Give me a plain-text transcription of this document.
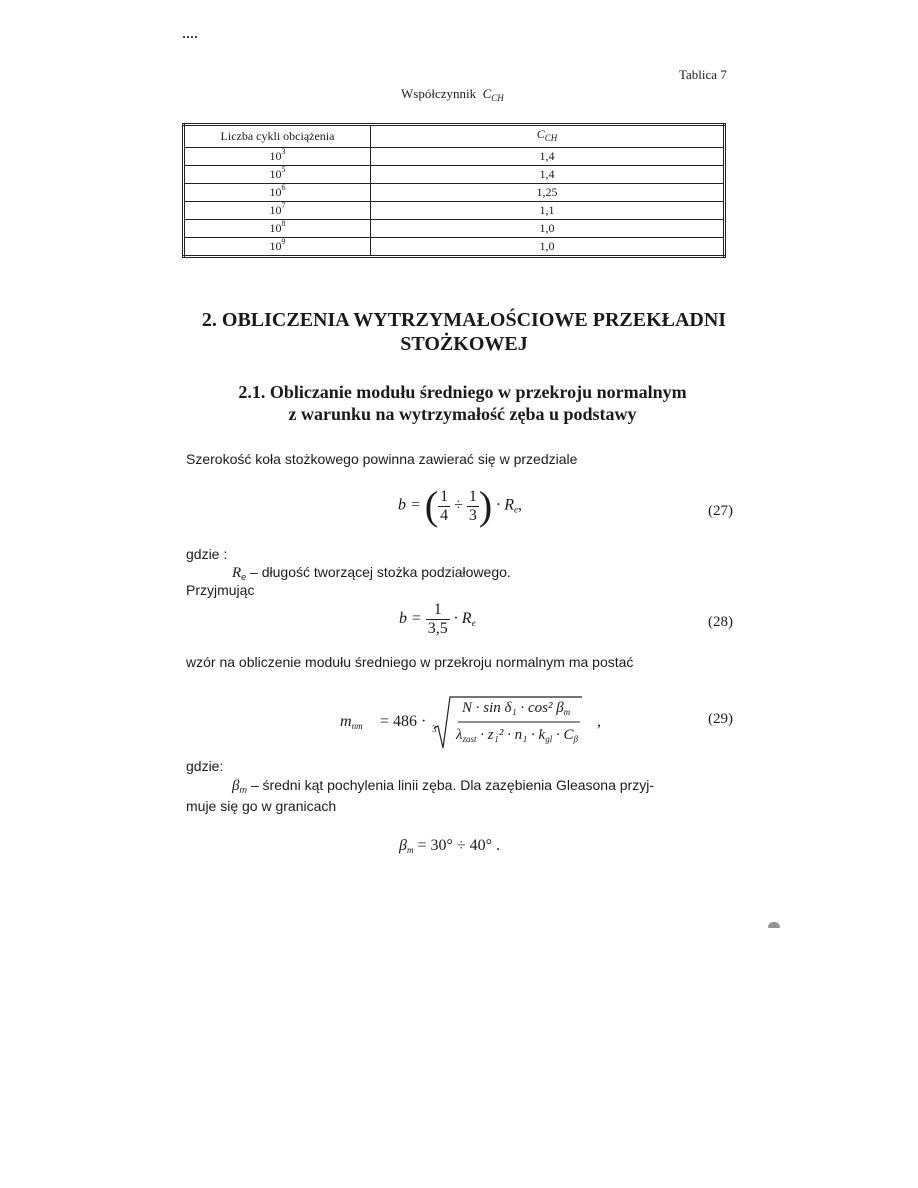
Tablica 7
Współczynnik $C_{CH}$
Liczba cykli obciążenia	$C_{CH}$
$10^3$	1,4
$10^5$	1,4
$10^6$	1,25
$10^7$	1,1
$10^8$	1,0
$10^9$	1,0
2. OBLICZENIA WYTRZYMAŁOŚCIOWE PRZEKŁADNI
STOŻKOWEJ
2.1. Obliczanie modułu średniego w przekroju normalnym
z warunku na wytrzymałość zęba u podstawy
Szerokość koła stożkowego powinna zawierać się w przedziale
b = ( $\frac{1}{4} \div \frac{1}{3}$ ) · $R_e$,	(27)
gdzie :
$R_e$ – długość tworzącej stożka podziałowego.
Przyjmując
$b = \frac{1}{3,5} \cdot R_e$	(28)
wzór na obliczenie modułu średniego w przekroju normalnym ma postać
$m_{nm} = 486 \cdot 3$
N · sin δ₁ · cos² $\beta_m$
$\lambda_{zast} \cdot z_1^2 \cdot n_1 \cdot k_{gl} \cdot C_\beta$
,	(29)
gdzie:
$\beta_m$ – średni kąt pochylenia linii zęba. Dla zazębienia Gleasona przyj-
muje się go w granicach
$\beta_m = 30^\circ \div 40^\circ$ .
